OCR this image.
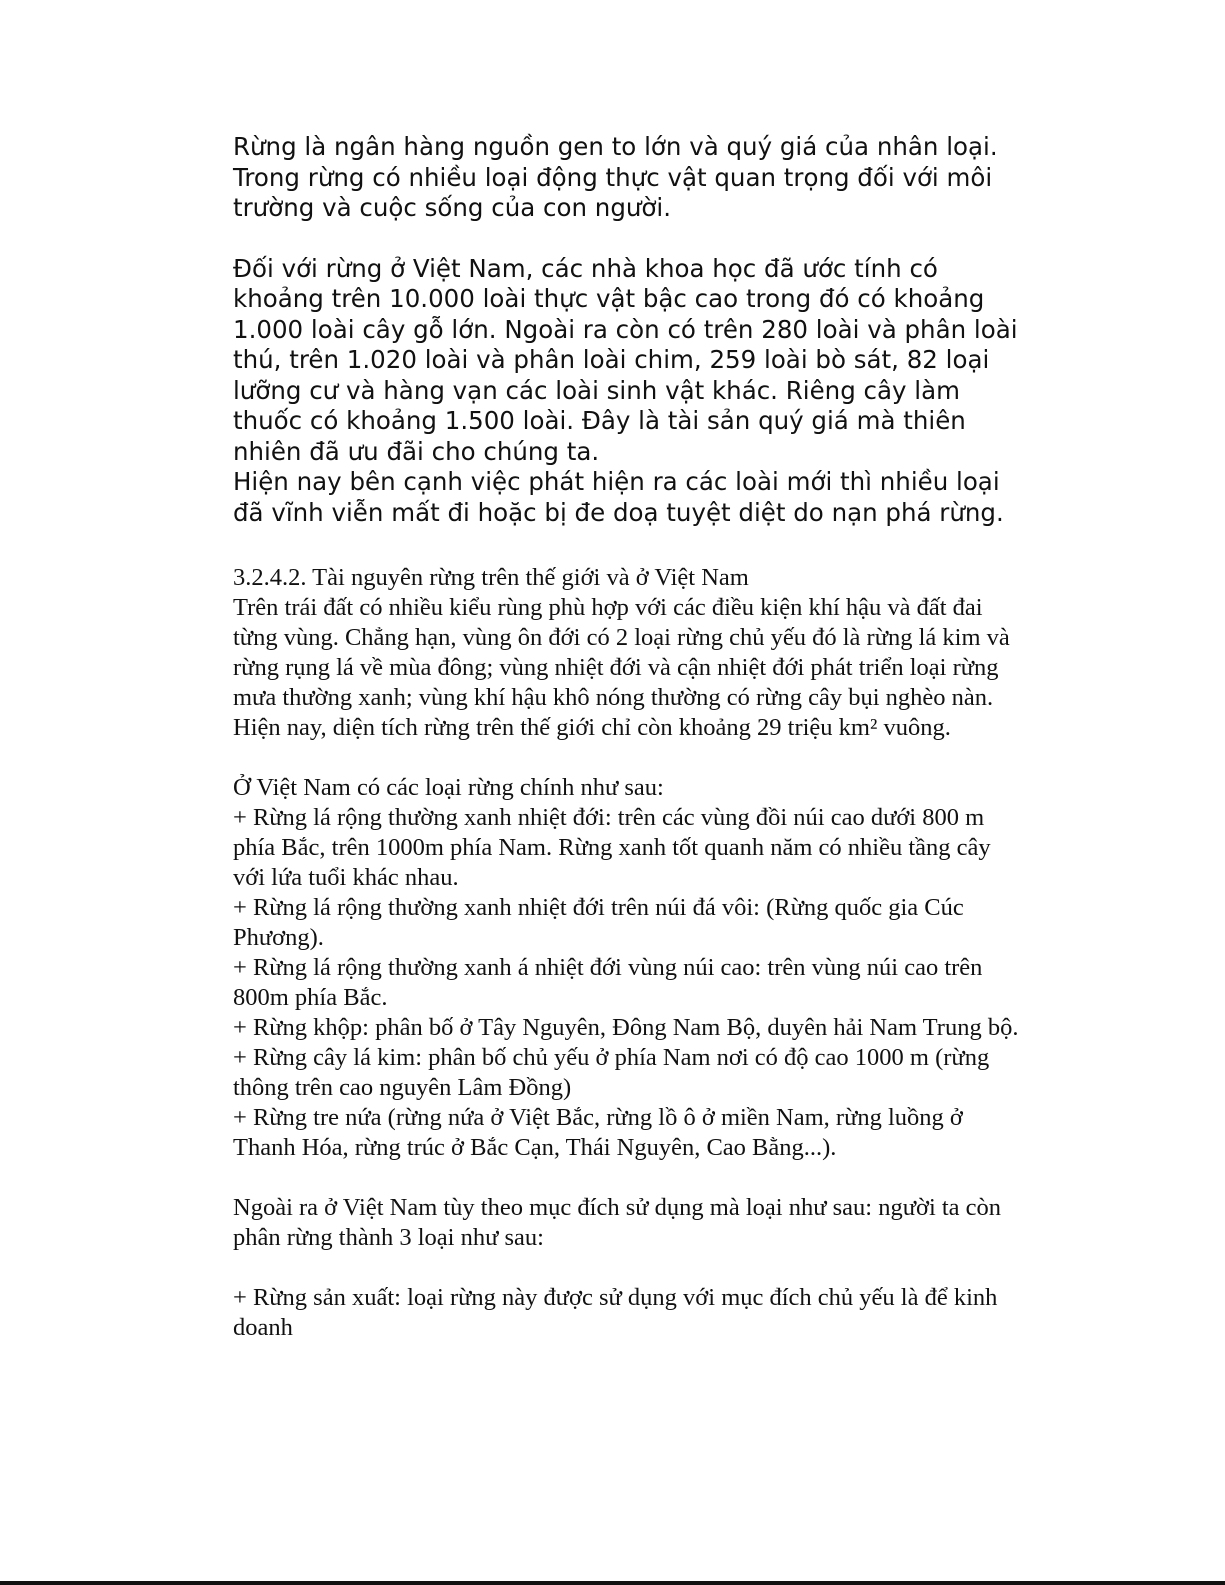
Rừng là ngân hàng nguồn gen to lớn và quý giá của nhân loại. Trong rừng có nhiều loại động thực vật quan trọng đối với môi trường và cuộc sống của con người.

Đối với rừng ở Việt Nam, các nhà khoa học đã ước tính có khoảng trên 10.000 loài thực vật bậc cao trong đó có khoảng 1.000 loài cây gỗ lớn. Ngoài ra còn có trên 280 loài và phân loài thú, trên 1.020 loài và phân loài chim, 259 loài bò sát, 82 loại lưỡng cư và hàng vạn các loài sinh vật khác. Riêng cây làm thuốc có khoảng 1.500 loài. Đây là tài sản quý giá mà thiên nhiên đã ưu đãi cho chúng ta.

Hiện nay bên cạnh việc phát hiện ra các loài mới thì nhiều loại đã vĩnh viễn mất đi hoặc bị đe doạ tuyệt diệt do nạn phá rừng.

3.2.4.2. Tài nguyên rừng trên thế giới và ở Việt Nam

Trên trái đất có nhiều kiểu rùng phù hợp với các điều kiện khí hậu và đất đai từng vùng. Chẳng hạn, vùng ôn đới có 2 loại rừng chủ yếu đó là rừng lá kim và rừng rụng lá về mùa đông; vùng nhiệt đới và cận nhiệt đới phát triển loại rừng mưa thường xanh; vùng khí hậu khô nóng thường có rừng cây bụi nghèo nàn. Hiện nay, diện tích rừng trên thế giới chỉ còn khoảng 29 triệu km² vuông.

Ở Việt Nam có các loại rừng chính như sau:

+ Rừng lá rộng thường xanh nhiệt đới: trên các vùng đồi núi cao dưới 800 m phía Bắc, trên 1000m phía Nam. Rừng xanh tốt quanh năm có nhiều tầng cây với lứa tuổi khác nhau.

+ Rừng lá rộng thường xanh nhiệt đới trên núi đá vôi: (Rừng quốc gia Cúc Phương).

+ Rừng lá rộng thường xanh á nhiệt đới vùng núi cao: trên vùng núi cao trên 800m phía Bắc.

+ Rừng khộp: phân bố ở Tây Nguyên, Đông Nam Bộ, duyên hải Nam Trung bộ.

+ Rừng cây lá kim: phân bố chủ yếu ở phía Nam nơi có độ cao 1000 m (rừng thông trên cao nguyên Lâm Đồng)

+ Rừng tre nứa (rừng nứa ở Việt Bắc, rừng lồ ô ở miền Nam, rừng luồng ở Thanh Hóa, rừng trúc ở Bắc Cạn, Thái Nguyên, Cao Bằng...).

Ngoài ra ở Việt Nam tùy theo mục đích sử dụng mà loại như sau: người ta còn phân rừng thành 3 loại như sau:

+ Rừng sản xuất: loại rừng này được sử dụng với mục đích chủ yếu là để kinh doanh
